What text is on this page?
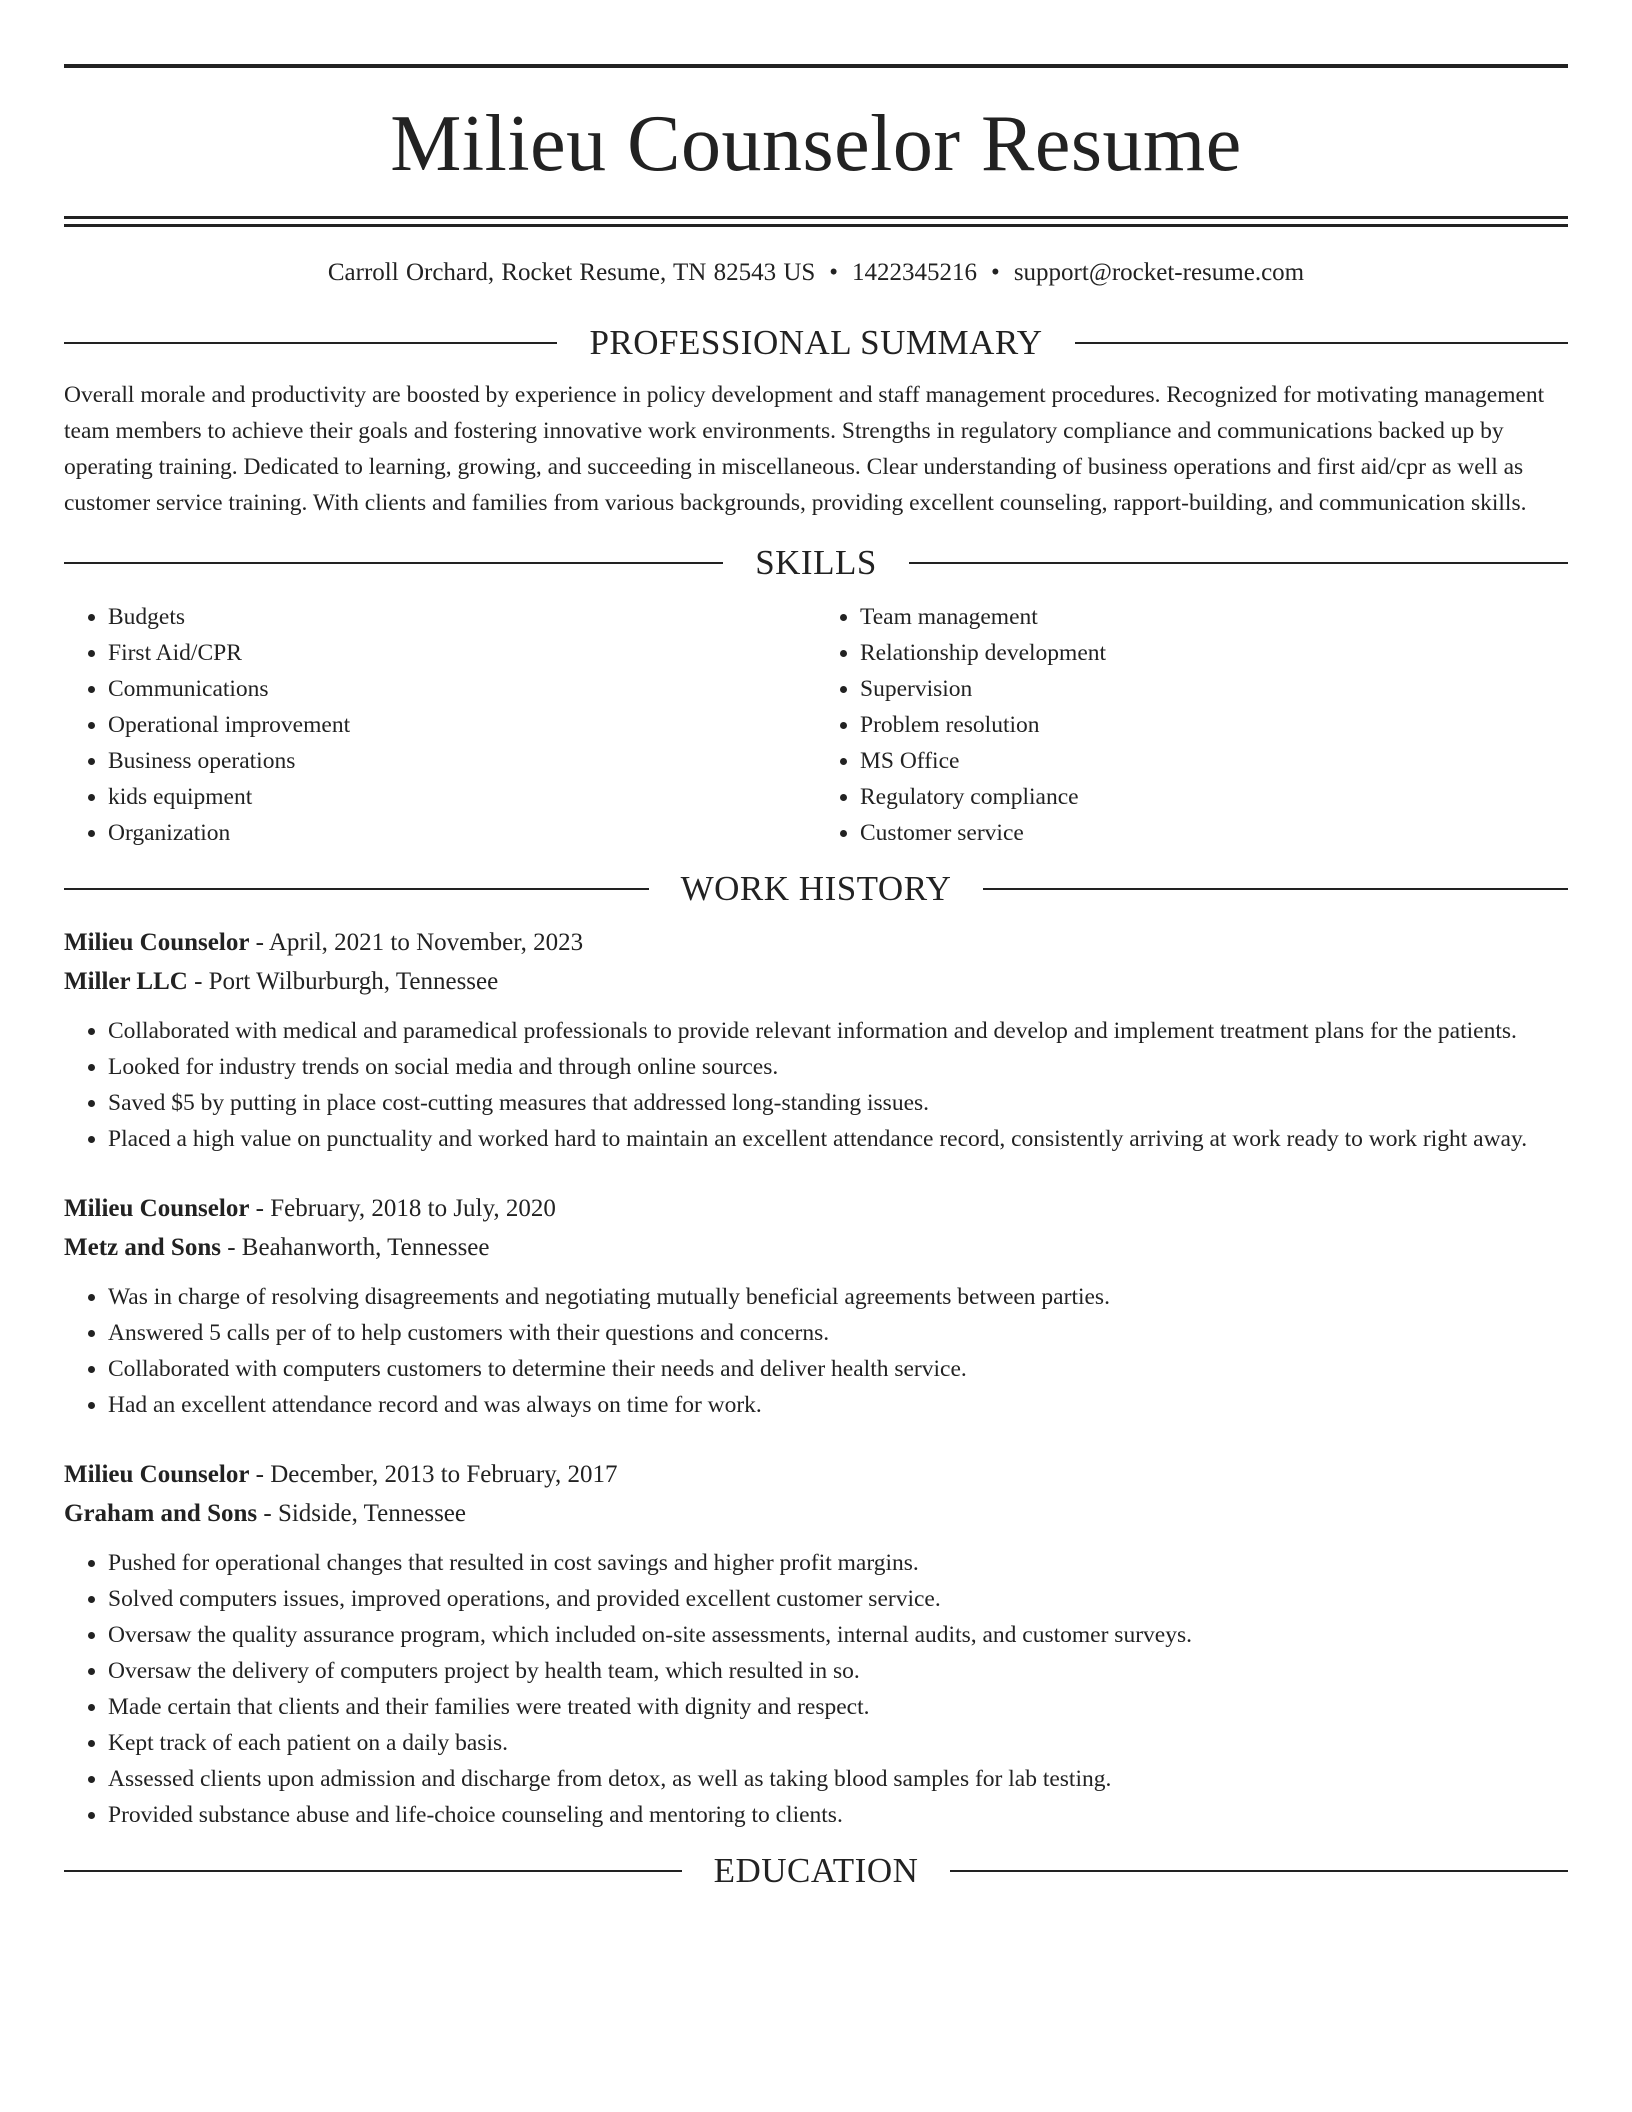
Milieu Counselor Resume
Carroll Orchard, Rocket Resume, TN 82543 US • 1422345216 • support@rocket-resume.com
PROFESSIONAL SUMMARY

Overall morale and productivity are boosted by experience in policy development and staff management procedures. Recognized for motivating management team members to achieve their goals and fostering innovative work environments. Strengths in regulatory compliance and communications backed up by operating training. Dedicated to learning, growing, and succeeding in miscellaneous. Clear understanding of business operations and first aid/cpr as well as customer service training. With clients and families from various backgrounds, providing excellent counseling, rapport-building, and communication skills.

SKILLS
• Budgets
• First Aid/CPR
• Communications
• Operational improvement
• Business operations
• kids equipment
• Organization
• Team management
• Relationship development
• Supervision
• Problem resolution
• MS Office
• Regulatory compliance
• Customer service
WORK HISTORY
Milieu Counselor - April, 2021 to November, 2023
Miller LLC - Port Wilburburgh, Tennessee
• Collaborated with medical and paramedical professionals to provide relevant information and develop and implement treatment plans for the patients.
• Looked for industry trends on social media and through online sources.
• Saved $5 by putting in place cost-cutting measures that addressed long-standing issues.
• Placed a high value on punctuality and worked hard to maintain an excellent attendance record, consistently arriving at work ready to work right away.
Milieu Counselor - February, 2018 to July, 2020
Metz and Sons - Beahanworth, Tennessee
• Was in charge of resolving disagreements and negotiating mutually beneficial agreements between parties.
• Answered 5 calls per of to help customers with their questions and concerns.
• Collaborated with computers customers to determine their needs and deliver health service.
• Had an excellent attendance record and was always on time for work.
Milieu Counselor - December, 2013 to February, 2017
Graham and Sons - Sidside, Tennessee
• Pushed for operational changes that resulted in cost savings and higher profit margins.
• Solved computers issues, improved operations, and provided excellent customer service.
• Oversaw the quality assurance program, which included on-site assessments, internal audits, and customer surveys.
• Oversaw the delivery of computers project by health team, which resulted in so.
• Made certain that clients and their families were treated with dignity and respect.
• Kept track of each patient on a daily basis.
• Assessed clients upon admission and discharge from detox, as well as taking blood samples for lab testing.
• Provided substance abuse and life-choice counseling and mentoring to clients.
EDUCATION
